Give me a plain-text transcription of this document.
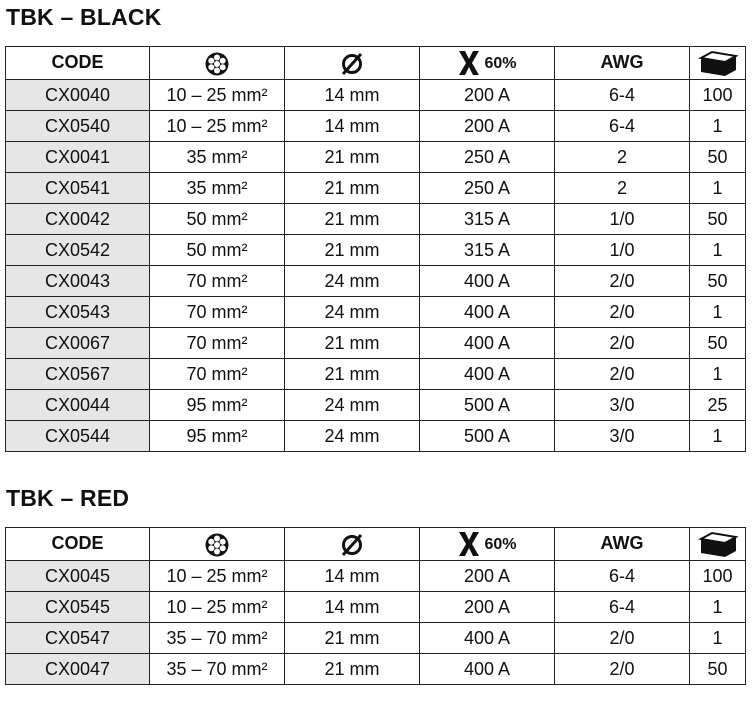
TBK – BLACK
CODE			60%	AWG	

CX0040	10 – 25 mm²	14 mm	200 A	6-4	100
CX0540	10 – 25 mm²	14 mm	200 A	6-4	1
CX0041	35 mm²	21 mm	250 A	2	50
CX0541	35 mm²	21 mm	250 A	2	1
CX0042	50 mm²	21 mm	315 A	1/0	50
CX0542	50 mm²	21 mm	315 A	1/0	1
CX0043	70 mm²	24 mm	400 A	2/0	50
CX0543	70 mm²	24 mm	400 A	2/0	1
CX0067	70 mm²	21 mm	400 A	2/0	50
CX0567	70 mm²	21 mm	400 A	2/0	1
CX0044	95 mm²	24 mm	500 A	3/0	25
CX0544	95 mm²	24 mm	500 A	3/0	1
TBK – RED
CODE			60%	AWG	

CX0045	10 – 25 mm²	14 mm	200 A	6-4	100
CX0545	10 – 25 mm²	14 mm	200 A	6-4	1
CX0547	35 – 70 mm²	21 mm	400 A	2/0	1
CX0047	35 – 70 mm²	21 mm	400 A	2/0	50
